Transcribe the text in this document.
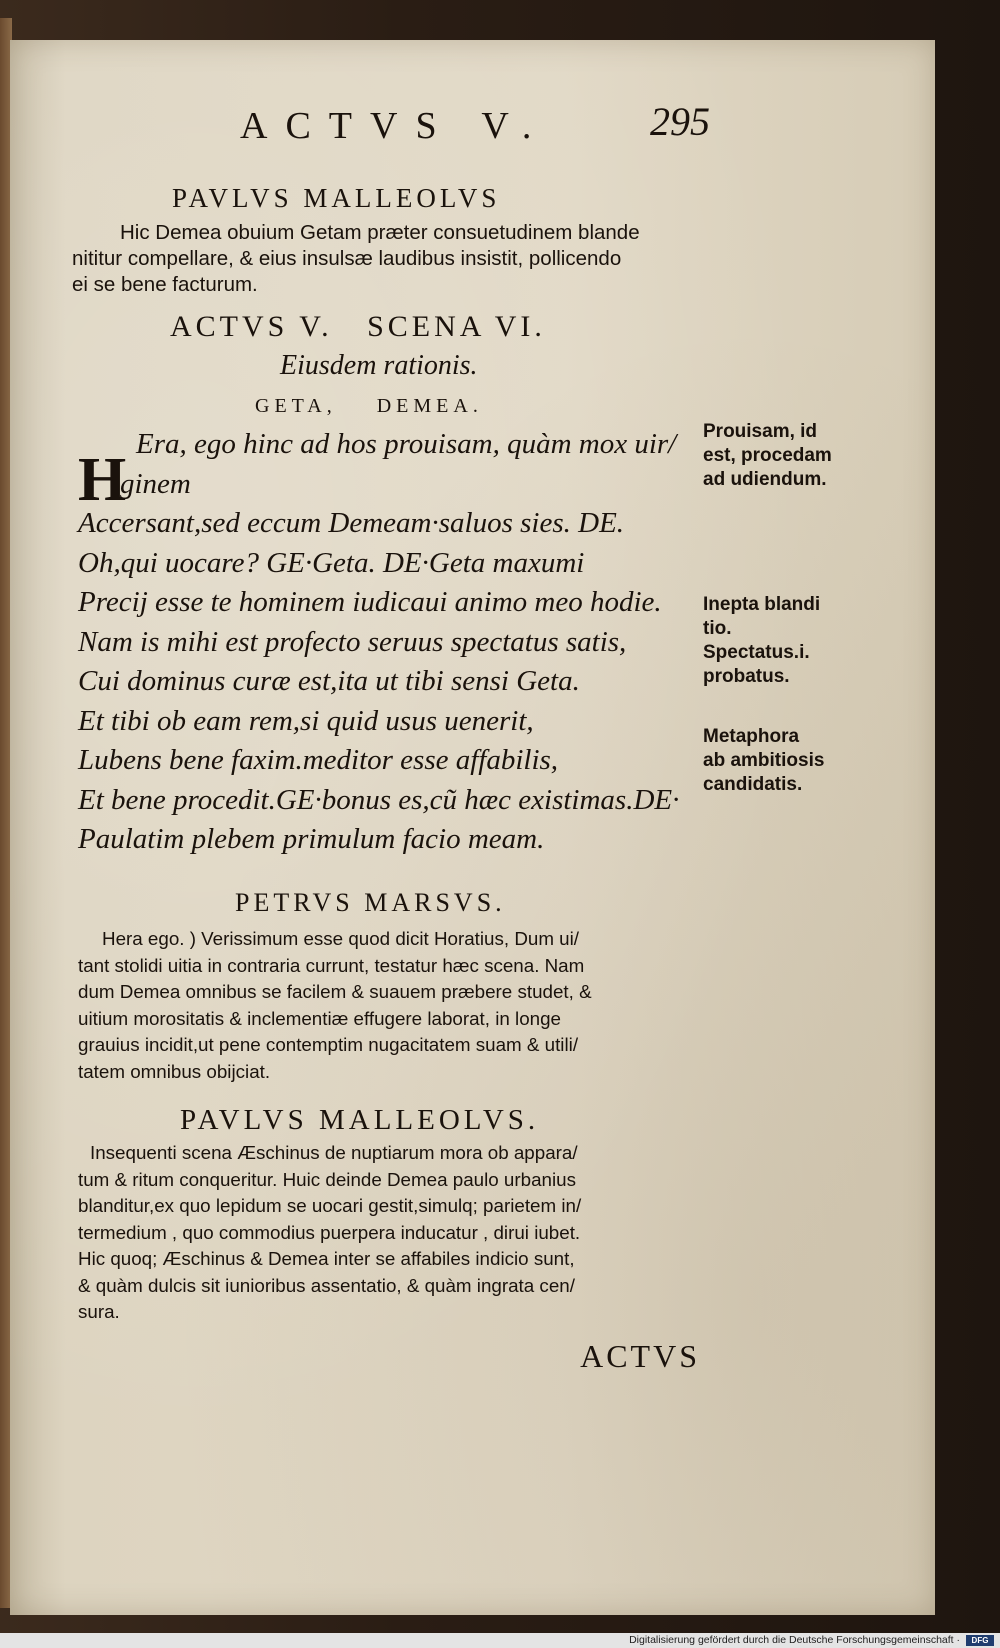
ACTVS V.	295
PAVLVS MALLEOLVS
Hic Demea obuium Getam præter consuetudinem blande
nititur compellare, & eius insulsæ laudibus insistit, pollicendo
ei se bene facturum.
ACTVS V.   SCENA VI.
Eiusdem rationis.
GETA,    DEMEA.
H
Era, ego hinc ad hos prouisam, quàm mox uir/
ginem
Accersant,sed eccum Demeam·saluos sies. DE.
Oh,qui uocare? GE·Geta. DE·Geta maxumi
Precij esse te hominem iudicaui animo meo hodie.
Nam is mihi est profecto seruus spectatus satis,
Cui dominus curæ est,ita ut tibi sensi Geta.
Et tibi ob eam rem,si quid usus uenerit,
Lubens bene faxim.meditor esse affabilis,
Et bene procedit.GE·bonus es,cũ hæc existimas.DE·
Paulatim plebem primulum facio meam.
Prouisam, id
est, procedam
ad udiendum.
Inepta blandi
tio.
Spectatus.i.
probatus.
Metaphora
ab ambitiosis
candidatis.
PETRVS MARSVS.
Hera ego. ) Verissimum esse quod dicit Horatius, Dum ui/
tant stolidi uitia in contraria currunt, testatur hæc scena. Nam
dum Demea omnibus se facilem & suauem præbere studet, &
uitium morositatis & inclementiæ effugere laborat, in longe
grauius incidit,ut pene contemptim nugacitatem suam & utili/
tatem omnibus obijciat.
PAVLVS MALLEOLVS.
Insequenti scena Æschinus de nuptiarum mora ob appara/
tum & ritum conqueritur. Huic deinde Demea paulo urbanius
blanditur,ex quo lepidum se uocari gestit,simulq; parietem in/
termedium , quo commodius puerpera inducatur , dirui iubet.
Hic quoq; Æschinus & Demea inter se affabiles indicio sunt,
& quàm dulcis sit iunioribus assentatio, & quàm ingrata cen/
sura.
ACTVS
Digitalisierung gefördert durch die Deutsche Forschungsgemeinschaft ·	DFG
